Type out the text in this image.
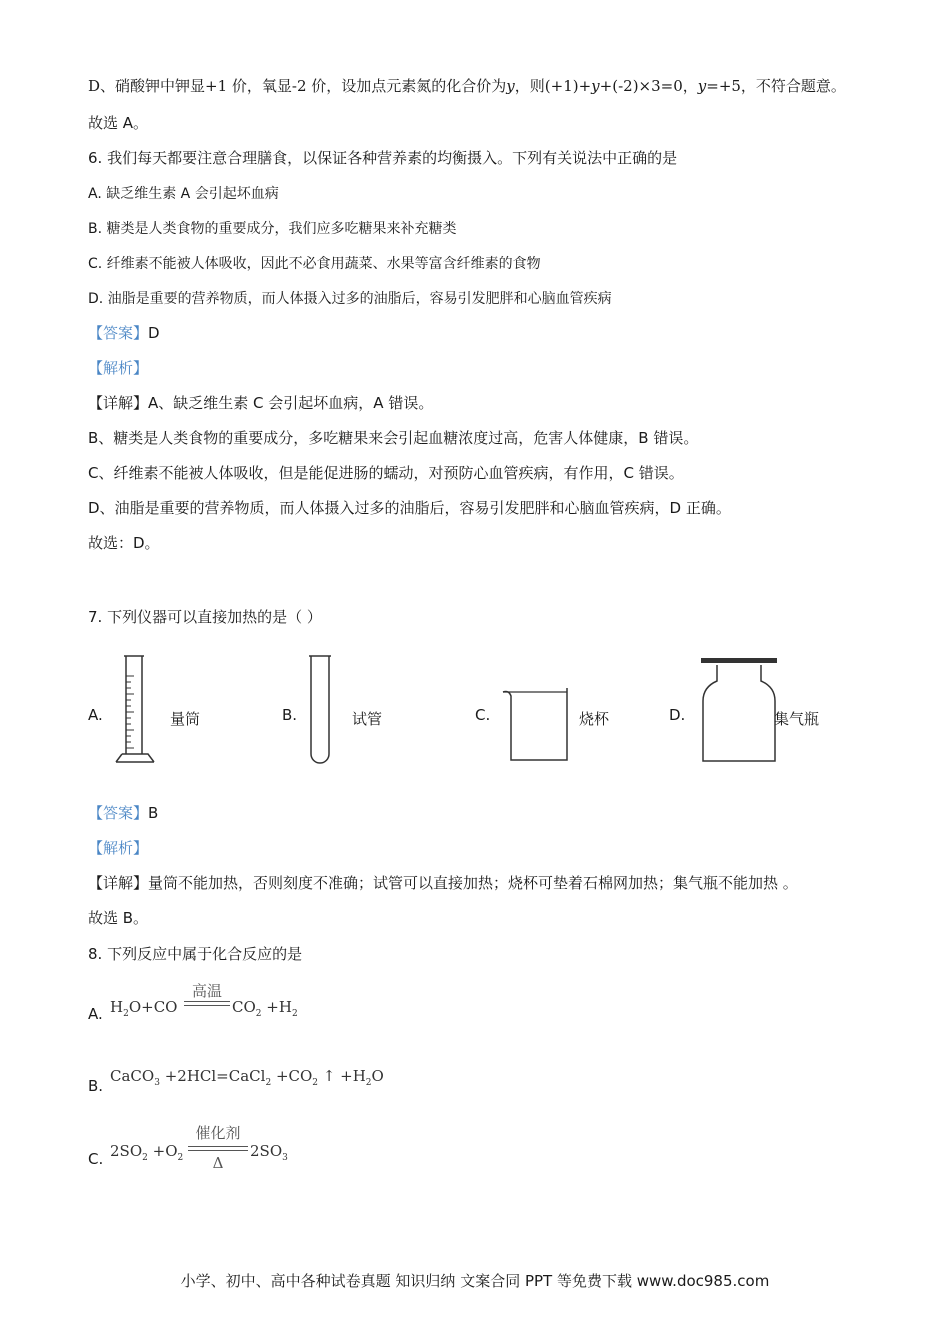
D、硝酸钾中钾显+1 价，氧显-2 价，设加点元素氮的化合价为y，则(+1)+y+(-2)×3=0，y=+5，不符合题意。
故选 A。
6. 我们每天都要注意合理膳食，以保证各种营养素的均衡摄入。下列有关说法中正确的是
A. 缺乏维生素 A 会引起坏血病
B. 糖类是人类食物的重要成分，我们应多吃糖果来补充糖类
C. 纤维素不能被人体吸收，因此不必食用蔬菜、水果等富含纤维素的食物
D. 油脂是重要的营养物质，而人体摄入过多的油脂后，容易引发肥胖和心脑血管疾病
【答案】D
【解析】
【详解】A、缺乏维生素 C 会引起坏血病，A 错误。
B、糖类是人类食物的重要成分，多吃糖果来会引起血糖浓度过高，危害人体健康，B 错误。
C、纤维素不能被人体吸收，但是能促进肠的蠕动，对预防心血管疾病，有作用，C 错误。
D、油脂是重要的营养物质，而人体摄入过多的油脂后，容易引发肥胖和心脑血管疾病，D 正确。
故选：D。
7. 下列仪器可以直接加热的是（ ）
A.	量筒	B.	试管	C.	烧杯	D.	集气瓶
【答案】B
【解析】
【详解】量筒不能加热，否则刻度不准确；试管可以直接加热；烧杯可垫着石棉网加热；集气瓶不能加热 。
故选 B。
8. 下列反应中属于化合反应的是
A. $H_2O+CO$
高温
$CO_2 +H_2$
B.
CaCO$_3$ +2HCl=CaCl$_2$ $+CO_2$ ↑ $+H_2O$
C. $2SO_2 +O_2$
催化剂
Δ
$2SO_3$
小学、初中、高中各种试卷真题 知识归纳 文案合同 PPT 等免费下载 www.doc985.com
